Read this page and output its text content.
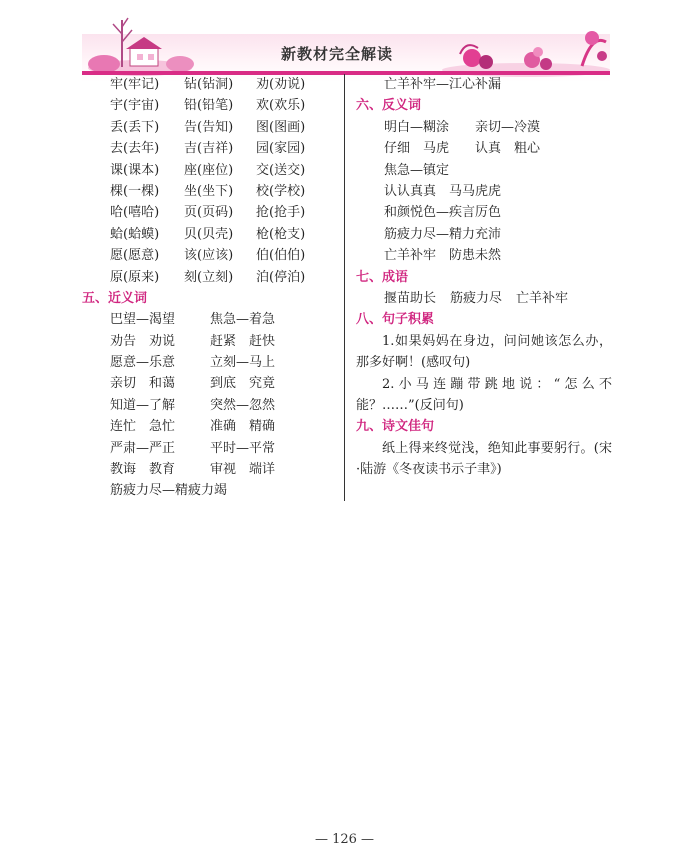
新教材完全解读
牢(牢记)	钻(钻洞)	劝(劝说)
宇(宇宙)	铅(铅笔)	欢(欢乐)
丢(丢下)	告(告知)	图(图画)
去(去年)	吉(吉祥)	园(家园)
课(课本)	座(座位)	交(送交)
棵(一棵)	坐(坐下)	校(学校)
哈(嘻哈)	页(页码)	抢(抢手)
蛤(蛤蟆)	贝(贝壳)	枪(枪支)
愿(愿意)	该(应该)	伯(伯伯)
原(原来)	刻(立刻)	泊(停泊)
五、近义词
巴望—渴望	焦急—着急
劝告　劝说	赶紧　赶快
愿意—乐意	立刻—马上
亲切　和蔼	到底　究竟
知道—了解	突然—忽然
连忙　急忙	准确　精确
严肃—严正	平时—平常
教诲　教育	审视　端详
筋疲力尽—精疲力竭
亡羊补牢—江心补漏
六、反义词
明白—糊涂　　亲切—冷漠
仔细　马虎　　认真　粗心
焦急—镇定
认认真真　马马虎虎
和颜悦色—疾言厉色
筋疲力尽—精力充沛
亡羊补牢　防患未然
七、成语
揠苗助长 筋疲力尽 亡羊补牢
八、句子积累

1.如果妈妈在身边，问问她该怎么办，那多好啊！(感叹句)

2.小马连蹦带跳地说：“怎么不能？……”(反问句)

九、诗文佳句

纸上得来终觉浅，绝知此事要躬行。(宋·陆游《冬夜读书示子聿》)

— 126 —
